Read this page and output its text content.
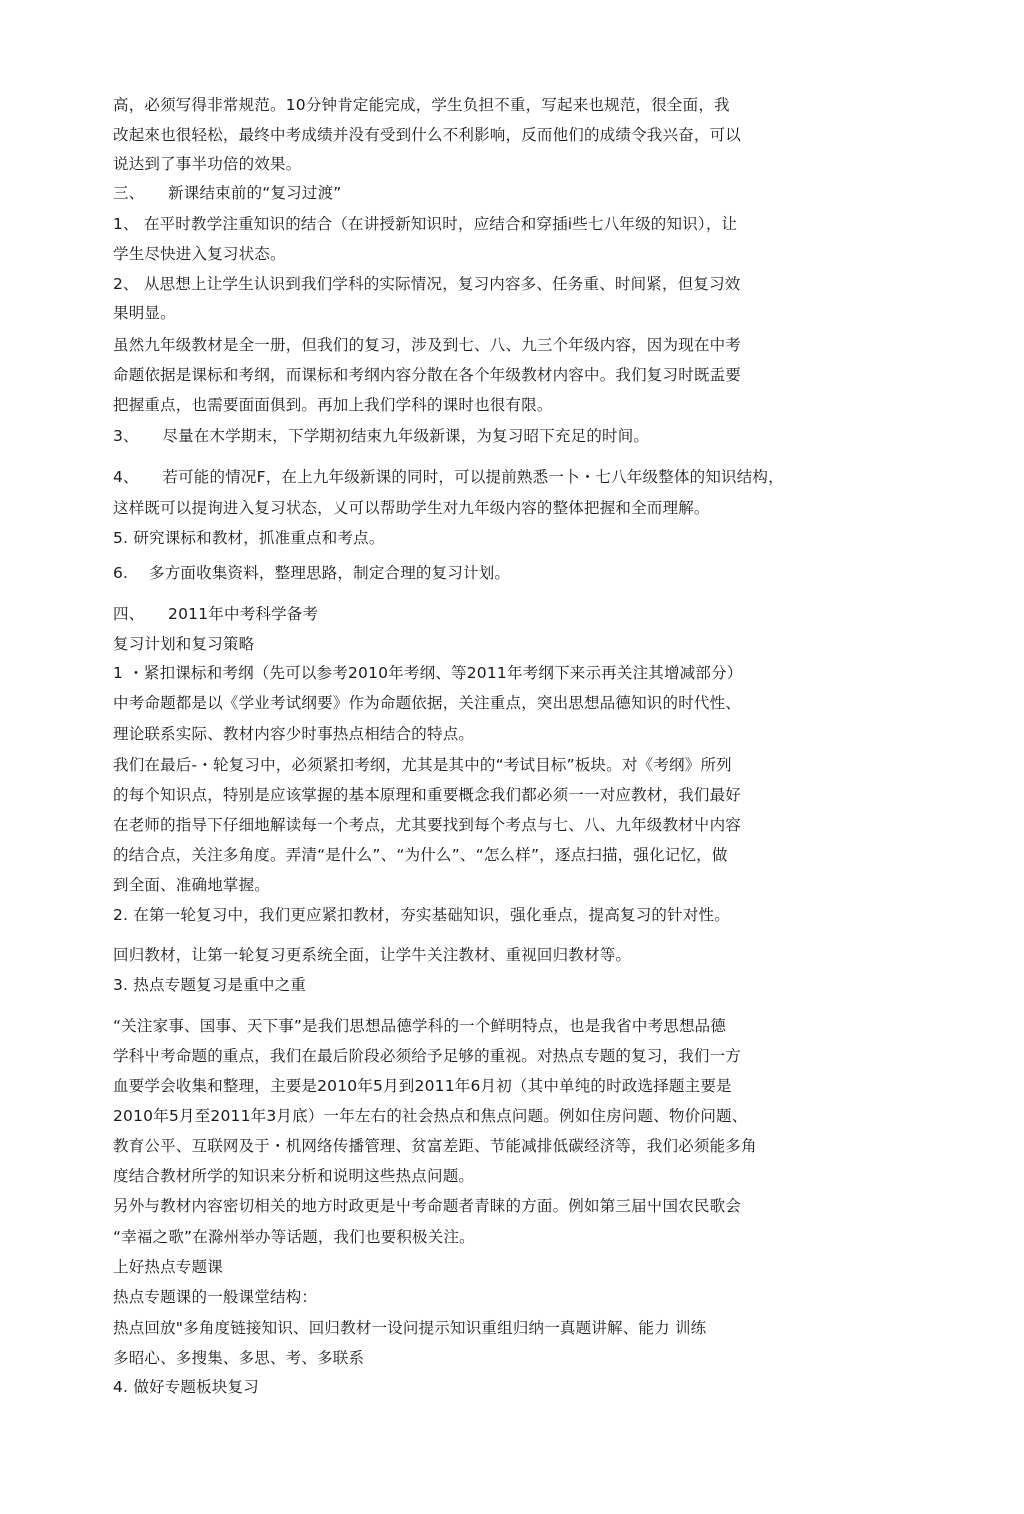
高，必须写得非常规范。10分钟肯定能完成，学生负担不重，写起来也规范，很全面，我
改起來也很轻松，最终中考成绩并没有受到什么不利影响，反而他们的成绩令我兴奋，可以
说达到了事半功倍的效果。
三、　　新课结束前的“复习过渡”
1、 在平时教学注重知识的结合（在讲授新知识时，应结合和穿插i些七八年级的知识），让
学生尽快进入复习状态。
2、 从思想上让学生认识到我们学科的实际情况，复习内容多、任务重、时间紧，但复习效
果明显。
虽然九年级教材是全一册，但我们的复习，涉及到七、八、九三个年级内容，因为现在中考
命题依据是课标和考纲，而课标和考纲内容分散在各个年级教材内容中。我们复习时既盂要
把握重点，也需要面面俱到。再加上我们学科的课时也很有限。
3、　　尽量在木学期末，下学期初结束九年级新课，为复习昭下充足的时间。
4、　　若可能的情况F，在上九年级新课的同时，可以提前熟悉一卜・七八年级整体的知识结构，
这样既可以提询进入复习状态，乂可以帮助学生对九年级内容的整体把握和全而理解。
5. 研究课标和教材，抓准重点和考点。
6.　 多方面收集资料，整理思路，制定合理的复习计划。
四、　　2011年中考科学备考
复习计划和复习策略
1 ・紧扣课标和考纲（先可以参考2010年考纲、等2011年考纲下来示再关注其增减部分）
中考命题都是以《学业考试纲要》作为命题依据，关注重点，突出思想品德知识的时代性、
理论联系实际、教材内容少时事热点相结合的特点。
我们在最后-・轮复习中，必须紧扣考纲，尤其是其中的“考试目标”板块。对《考纲》所列
的每个知识点，特别是应该掌握的基本原理和重要概念我们都必须一一对应教材，我们最好
在老师的指导下仔细地解读每一个考点，尤其要找到每个考点与七、八、九年级教材屮内容
的结合点，关注多角度。弄清“是什么”、“为什么”、“怎么样”，逐点扫描，强化记忆，做
到全面、准确地掌握。
2. 在第一轮复习中，我们更应紧扣教材，夯实基础知识，强化垂点，提高复习的针对性。
回归教材，让第一轮复习更系统全面，让学牛关注教材、重视回归教材等。
3. 热点专题复习是重中之重
“关注家事、国事、天下事”是我们思想品德学科的一个鲜明特点，也是我省中考思想品德
学科屮考命题的重点，我们在最后阶段必须给予足够的重视。对热点专题的复习，我们一方
血要学会收集和整理，主要是2010年5月到2011年6月初（其中单纯的时政选择题主要是
2010年5月至2011年3月底）一年左右的社会热点和焦点问题。例如住房问题、物价问题、
教育公平、互联网及于・机网络传播管理、贫富差距、节能减排低碳经济等，我们必须能多角
度结合教材所学的知识来分析和说明这些热点问题。
另外与教材内容密切相关的地方时政更是屮考命题者青睐的方面。例如第三届屮国农民歌会
“幸福之歌”在滁州举办等话题，我们也要积极关注。
上好热点专题课
热点专题课的一般课堂结构：
热点回放"多角度链接知识、回归教材一设问提示知识重组归纳一真题讲解、能力 训练
多昭心、多搜集、多思、考、多联系
4. 做好专题板块复习
